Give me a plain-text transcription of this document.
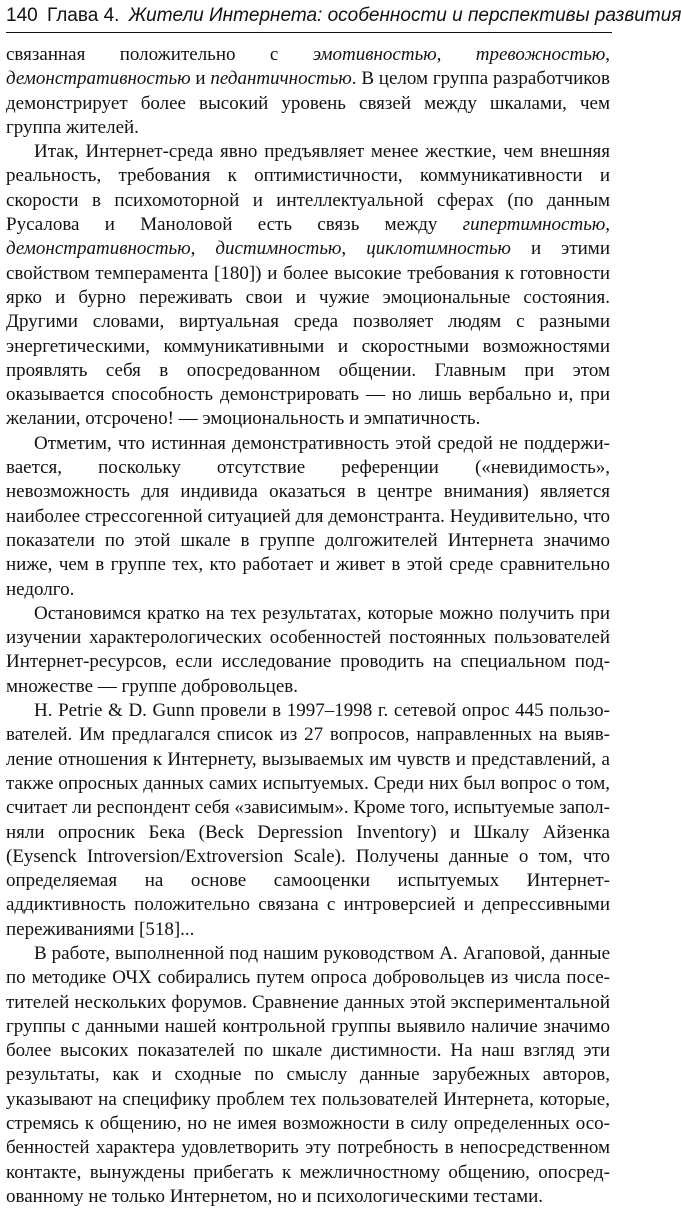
140 Глава 4. Жители Интернета: особенности и перспективы развития

связанная положительно с эмотивностью, тревожностью, демонстративностью и педантичностью. В целом группа разработчиков демонстрирует более высокий уровень связей между шкалами, чем группа жителей.

Итак, Интернет-среда явно предъявляет менее жесткие, чем внешняя реальность, требования к оптимистичности, коммуникативности и скорости в психомоторной и интеллектуальной сферах (по данным Русалова и Маноловой есть связь между гипертимностью, демонстративностью, дистимностью, циклотимностью и этими свойством темперамента [180]) и более высокие требования к готовности ярко и бурно переживать свои и чужие эмоциональные состояния. Другими словами, виртуальная среда позволяет людям с разными энергетическими, коммуникативными и скоростными возможностями проявлять себя в опосредованном общении. Главным при этом оказывается способность демонстрировать — но лишь вербально и, при желании, отсрочено! — эмоциональность и эмпатичность.

Отметим, что истинная демонстративность этой средой не поддерживается, поскольку отсутствие референции («невидимость», невозможность для индивида оказаться в центре внимания) является наиболее стрессогенной ситуацией для демонстранта. Неудивительно, что показатели по этой шкале в группе долгожителей Интернета значимо ниже, чем в группе тех, кто работает и живет в этой среде сравнительно недолго.

Остановимся кратко на тех результатах, которые можно получить при изучении характерологических особенностей постоянных пользователей Интернет-ресурсов, если исследование проводить на специальном подмножестве — группе добровольцев.

H. Petrie & D. Gunn провели в 1997–1998 г. сетевой опрос 445 пользователей. Им предлагался список из 27 вопросов, направленных на выявление отношения к Интернету, вызываемых им чувств и представлений, а также опросных данных самих испытуемых. Среди них был вопрос о том, считает ли респондент себя «зависимым». Кроме того, испытуемые заполняли опросник Бека (Beck Depression Inventory) и Шкалу Айзенка (Eysenck Introversion/Extroversion Scale). Получены данные о том, что определяемая на основе самооценки испытуемых Интернет-аддиктивность положительно связана с интроверсией и депрессивными переживаниями [518]...

В работе, выполненной под нашим руководством А. Агаповой, данные по методике ОЧХ собирались путем опроса добровольцев из числа посетителей нескольких форумов. Сравнение данных этой экспериментальной группы с данными нашей контрольной группы выявило наличие значимо более высоких показателей по шкале дистимности. На наш взгляд эти результаты, как и сходные по смыслу данные зарубежных авторов, указывают на специфику проблем тех пользователей Интернета, которые, стремясь к общению, но не имея возможности в силу определенных особенностей характера удовлетворить эту потребность в непосредственном контакте, вынуждены прибегать к межличностному общению, опосредованному не только Интернетом, но и психологическими тестами.
